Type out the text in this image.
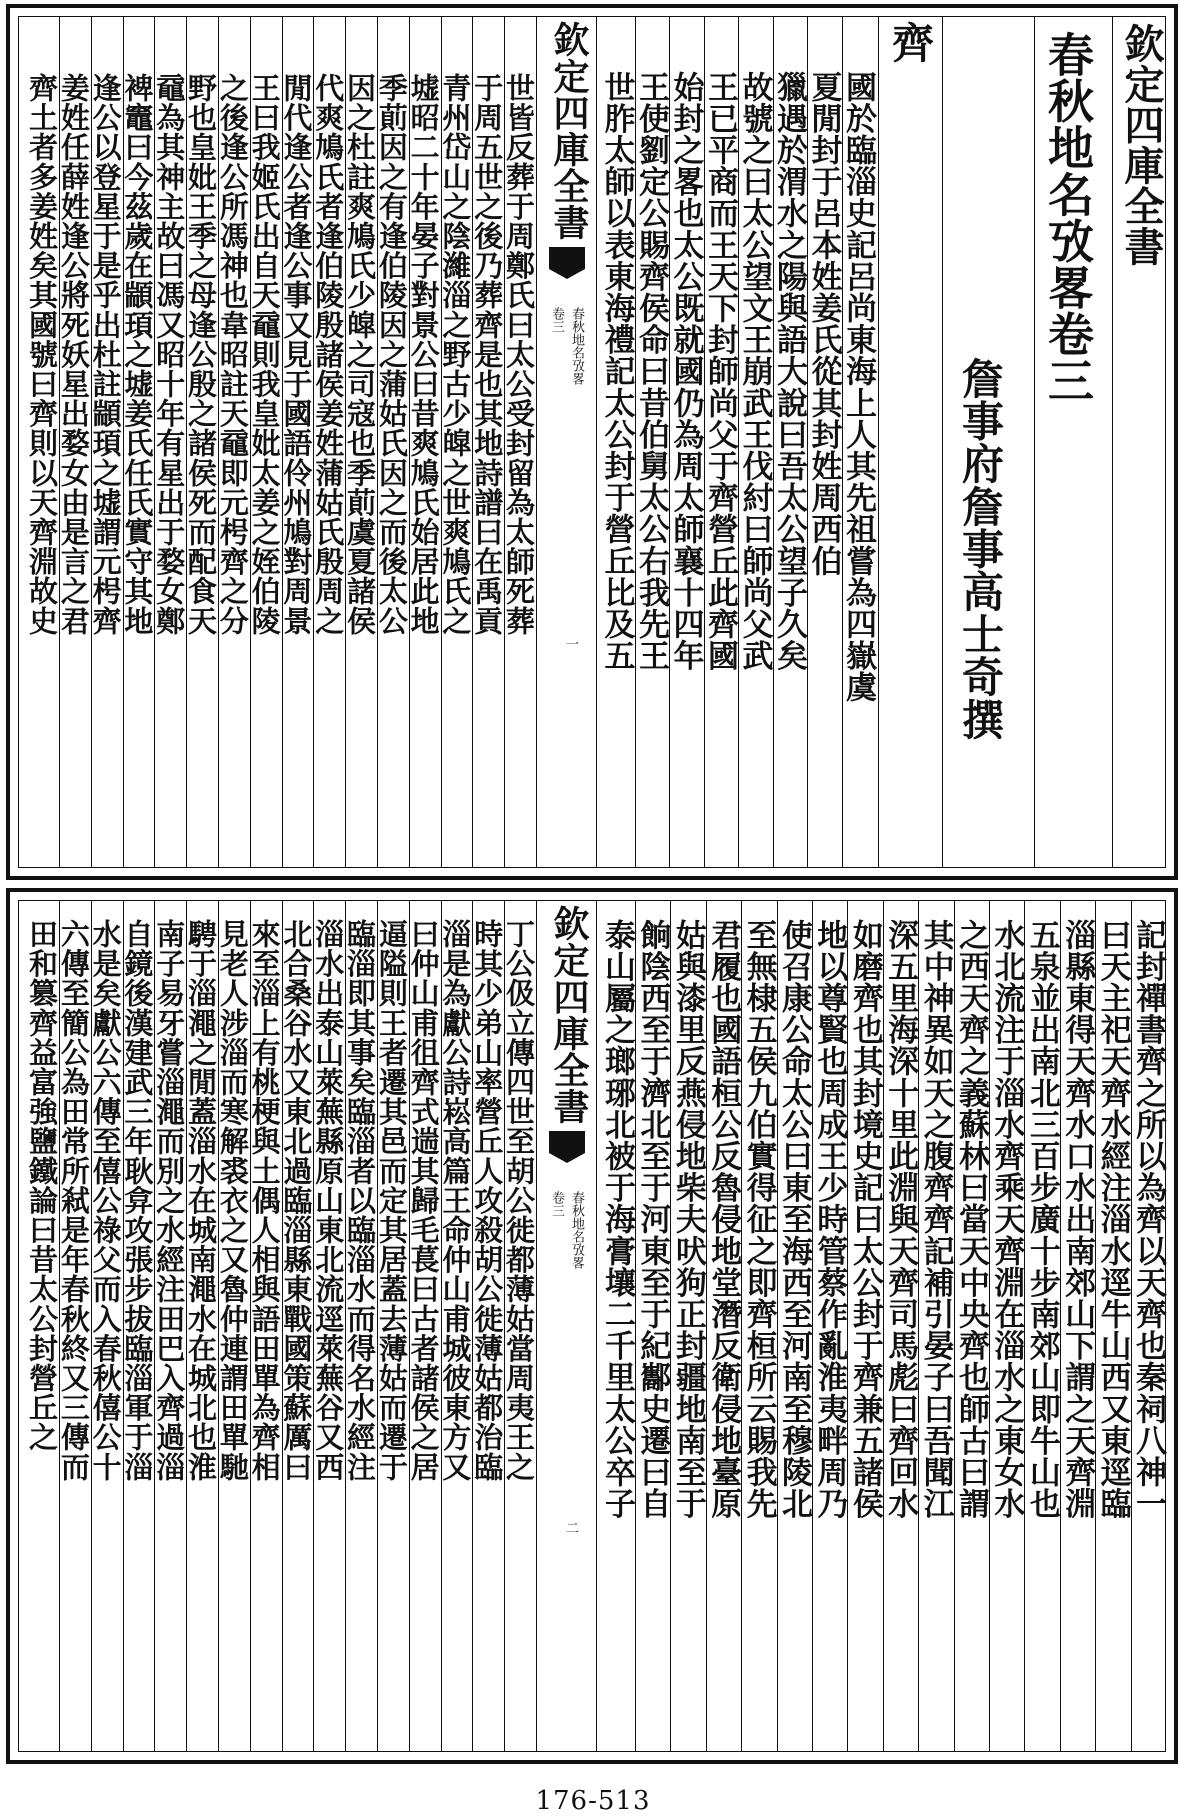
欽定四庫全書
春秋地名攷畧卷三
詹事府詹事高士奇撰
齊
欽定四庫全書
春秋地名攷畧
卷三
一	國於臨淄史記呂尚東海上人其先祖嘗為四嶽虞
夏閒封于呂本姓姜氏從其封姓周西伯
獵遇於渭水之陽與語大說曰吾太公望子久矣
故號之曰太公望文王崩武王伐紂曰師尚父武
王已平商而王天下封師尚父于齊營丘此齊國
始封之畧也太公既就國仍為周太師襄十四年
王使劉定公賜齊侯命曰昔伯舅太公右我先王
世胙太師以表東海禮記太公封于營丘比及五
世皆反葬于周鄭氏曰太公受封留為太師死葬
于周五世之後乃葬齊是也其地詩譜曰在禹貢
青州岱山之陰濰淄之野古少皡之世爽鳩氏之
墟昭二十年晏子對景公曰昔爽鳩氏始居此地
季萴因之有逢伯陵因之蒲姑氏因之而後太公
因之杜註爽鳩氏少皡之司寇也季萴虞夏諸侯
代爽鳩氏者逢伯陵殷諸侯姜姓蒲姑氏殷周之
閒代逢公者逢公事又見于國語伶州鳩對周景
王曰我姬氏出自天黿則我皇妣太姜之姪伯陵
之後逢公所馮神也韋昭註天黿即元枵齊之分
野也皇妣王季之母逢公殷之諸侯死而配食天
黿為其神主故曰馮又昭十年有星出于婺女鄭
裨竈曰今茲歲在顓頊之墟姜氏任氏實守其地
逢公以登星于是乎出杜註顓頊之墟謂元枵齊
姜姓任薛姓逢公將死妖星出婺女由是言之君
齊土者多姜姓矣其國號曰齊則以天齊淵故史
欽定四庫全書
春秋地名攷畧
卷三
二
記封禪書齊之所以為齊以天齊也秦祠八神一
曰天主祀天齊水經注淄水逕牛山西又東逕臨
淄縣東得天齊水口水出南郊山下謂之天齊淵
五泉並出南北三百步廣十步南郊山即牛山也
水北流注于淄水齊乘天齊淵在淄水之東女水
之西天齊之義蘇林曰當天中央齊也師古曰謂
其中神異如天之腹齊齊記補引晏子曰吾聞江
深五里海深十里此淵與天齊司馬彪曰齊回水
如磨齊也其封境史記曰太公封于齊兼五諸侯
地以尊賢也周成王少時管蔡作亂淮夷畔周乃
使召康公命太公曰東至海西至河南至穆陵北
至無棣五侯九伯實得征之即齊桓所云賜我先
君履也國語桓公反魯侵地堂潛反衛侵地臺原
姑與漆里反燕侵地柴夫吠狗正封疆地南至于
餉陰西至于濟北至于河東至于紀酅史遷曰自
泰山屬之瑯琊北被于海膏壤二千里太公卒子
丁公伋立傳四世至胡公徙都薄姑當周夷王之
時其少弟山率營丘人攻殺胡公徙薄姑都治臨
淄是為獻公詩崧高篇王命仲山甫城彼東方又
曰仲山甫徂齊式遄其歸毛萇曰古者諸侯之居
逼隘則王者遷其邑而定其居蓋去薄姑而遷于
臨淄即其事矣臨淄者以臨淄水而得名水經注
淄水出泰山萊蕪縣原山東北流逕萊蕪谷又西
北合桑谷水又東北過臨淄縣東戰國策蘇厲曰
來至淄上有桃梗與土偶人相與語田單為齊相
見老人涉淄而寒解裘衣之又魯仲連謂田單馳
騁于淄澠之閒蓋淄水在城南澠水在城北也淮
南子易牙嘗淄澠而別之水經注田巴入齊過淄
自鏡後漢建武三年耿弇攻張步拔臨淄軍于淄
水是矣獻公六傳至僖公祿父而入春秋僖公十
六傳至簡公為田常所弒是年春秋終又三傳而
田和篡齊益富強鹽鐵論曰昔太公封營丘之
176-513
